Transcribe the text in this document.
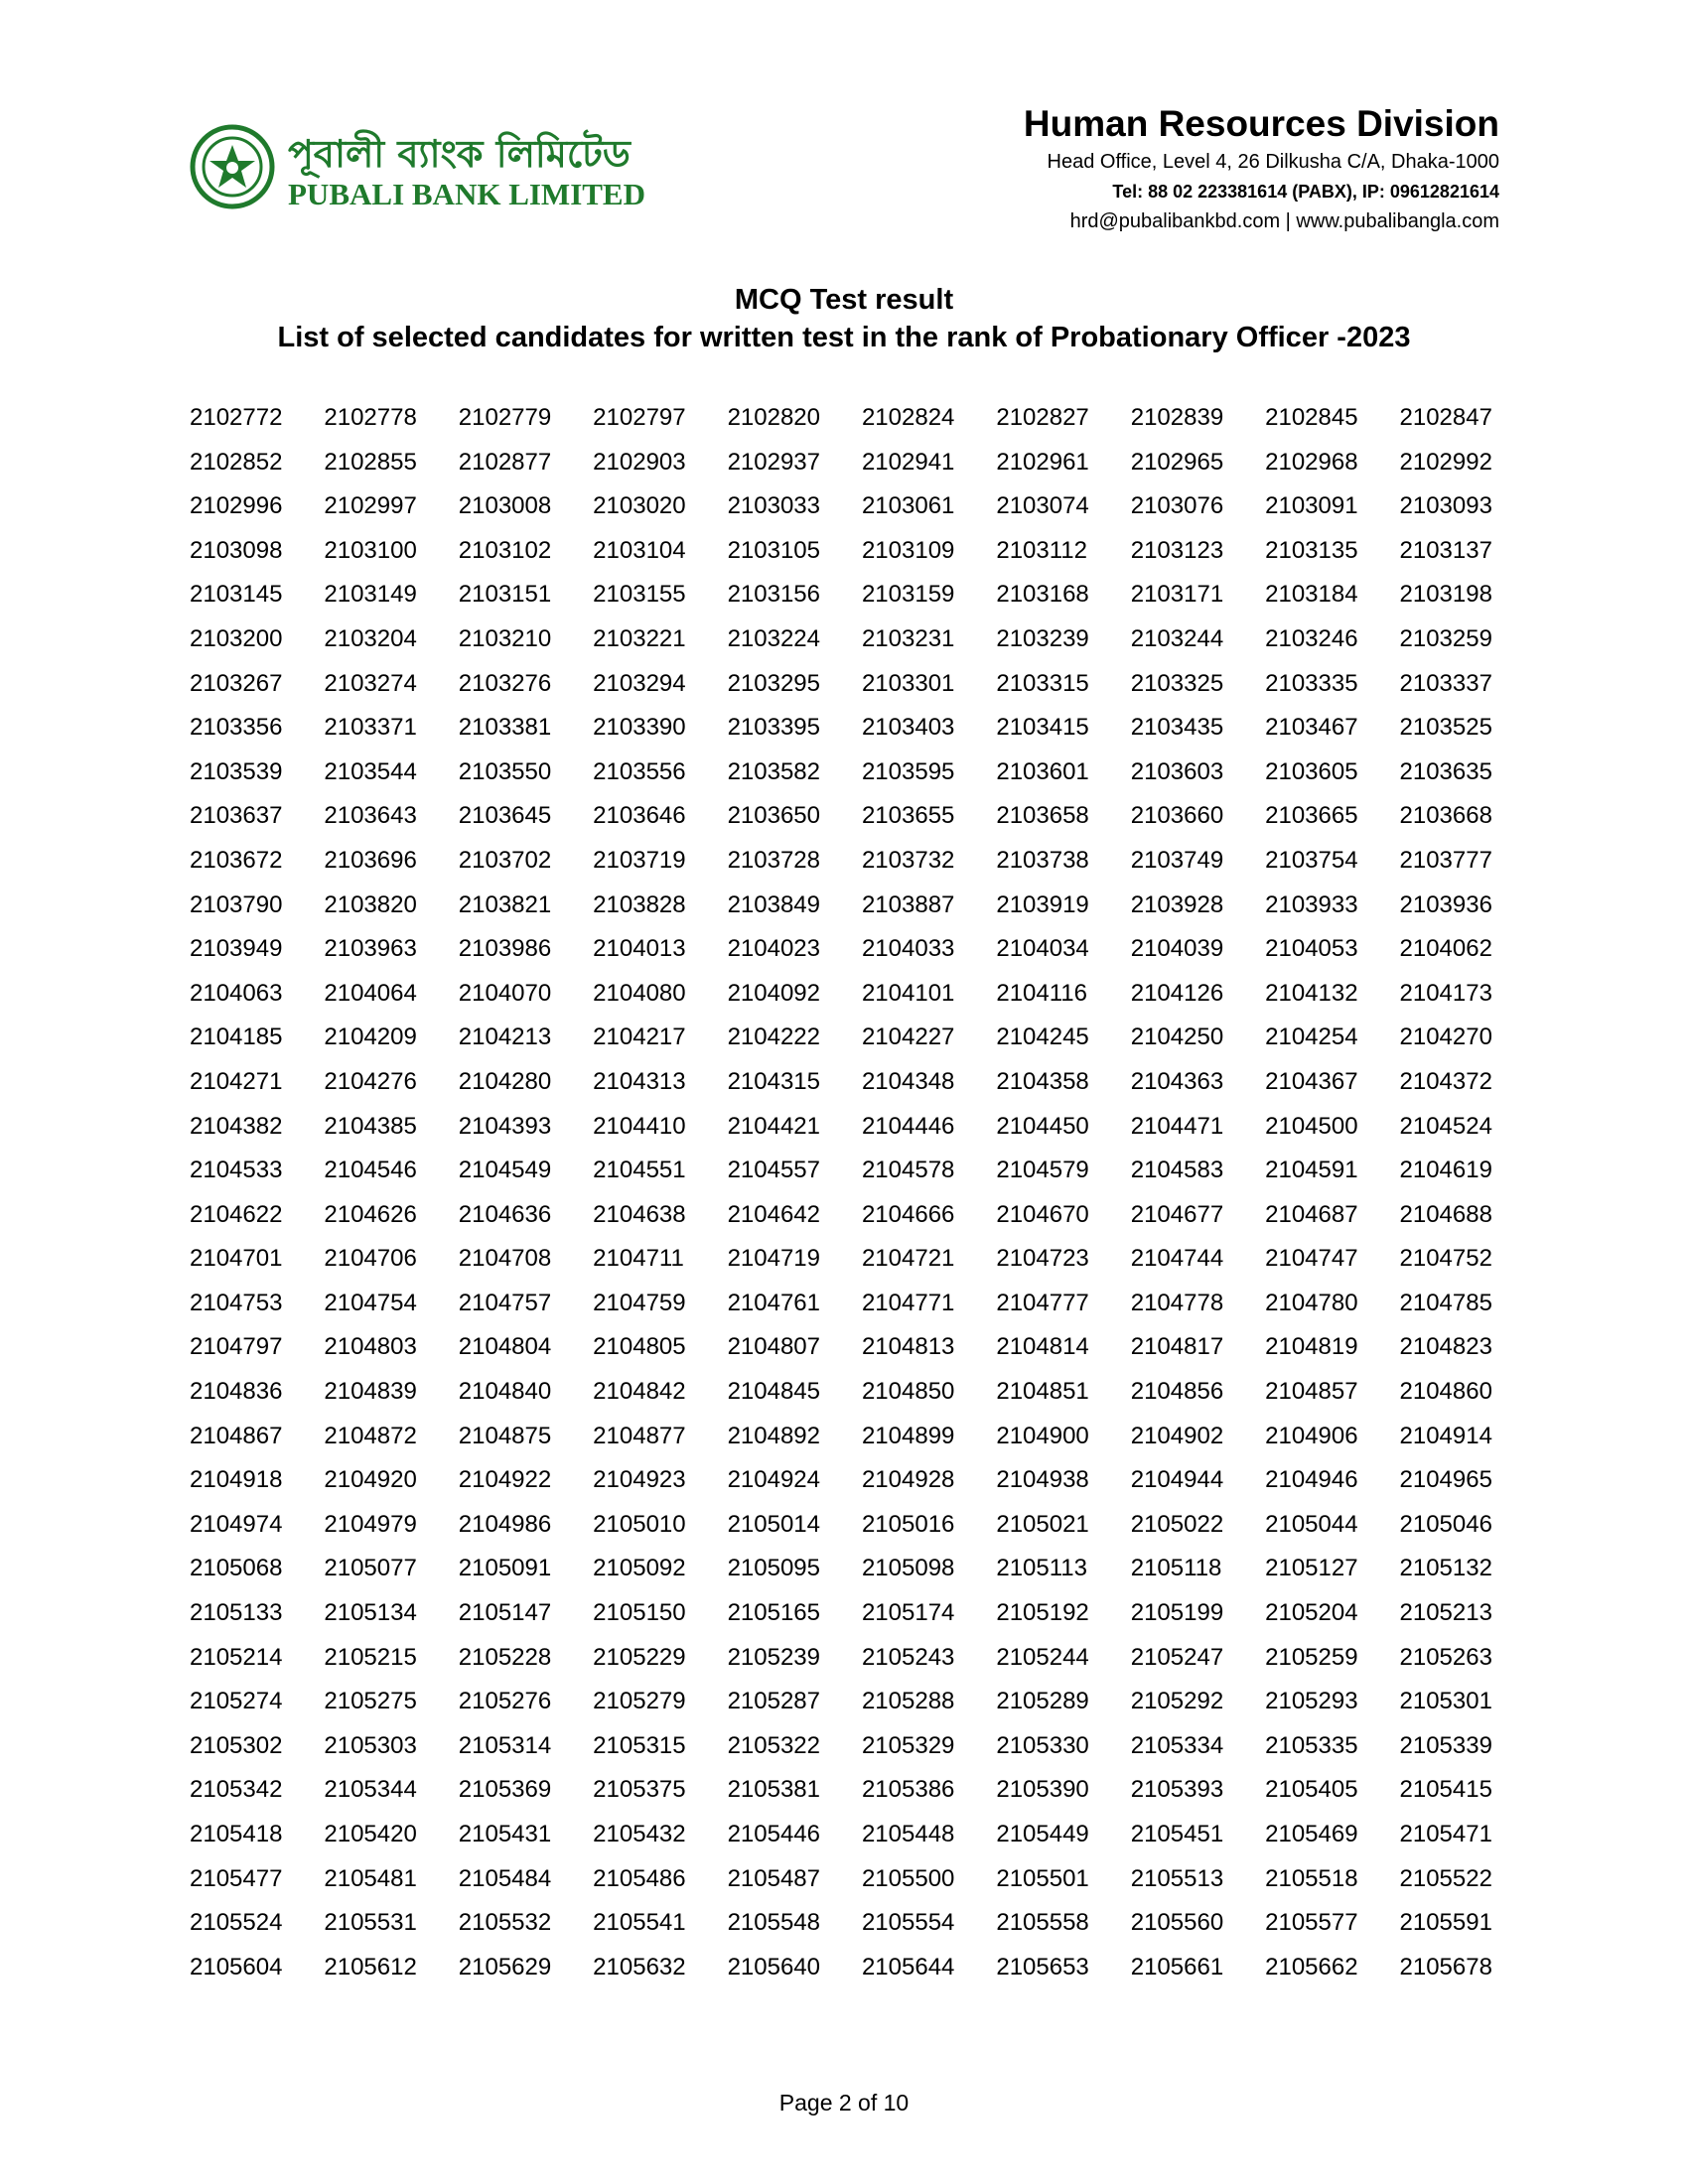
পূবালী ব্যাংক লিমিটেড
PUBALI BANK LIMITED
Human Resources Division
Head Office, Level 4, 26 Dilkusha C/A, Dhaka-1000
Tel: 88 02 223381614 (PABX), IP: 09612821614
hrd@pubalibankbd.com | www.pubalibangla.com
MCQ Test result
List of selected candidates for written test in the rank of Probationary Officer -2023
2102772	2102778	2102779	2102797	2102820	2102824	2102827	2102839	2102845	2102847
2102852	2102855	2102877	2102903	2102937	2102941	2102961	2102965	2102968	2102992
2102996	2102997	2103008	2103020	2103033	2103061	2103074	2103076	2103091	2103093
2103098	2103100	2103102	2103104	2103105	2103109	2103112	2103123	2103135	2103137
2103145	2103149	2103151	2103155	2103156	2103159	2103168	2103171	2103184	2103198
2103200	2103204	2103210	2103221	2103224	2103231	2103239	2103244	2103246	2103259
2103267	2103274	2103276	2103294	2103295	2103301	2103315	2103325	2103335	2103337
2103356	2103371	2103381	2103390	2103395	2103403	2103415	2103435	2103467	2103525
2103539	2103544	2103550	2103556	2103582	2103595	2103601	2103603	2103605	2103635
2103637	2103643	2103645	2103646	2103650	2103655	2103658	2103660	2103665	2103668
2103672	2103696	2103702	2103719	2103728	2103732	2103738	2103749	2103754	2103777
2103790	2103820	2103821	2103828	2103849	2103887	2103919	2103928	2103933	2103936
2103949	2103963	2103986	2104013	2104023	2104033	2104034	2104039	2104053	2104062
2104063	2104064	2104070	2104080	2104092	2104101	2104116	2104126	2104132	2104173
2104185	2104209	2104213	2104217	2104222	2104227	2104245	2104250	2104254	2104270
2104271	2104276	2104280	2104313	2104315	2104348	2104358	2104363	2104367	2104372
2104382	2104385	2104393	2104410	2104421	2104446	2104450	2104471	2104500	2104524
2104533	2104546	2104549	2104551	2104557	2104578	2104579	2104583	2104591	2104619
2104622	2104626	2104636	2104638	2104642	2104666	2104670	2104677	2104687	2104688
2104701	2104706	2104708	2104711	2104719	2104721	2104723	2104744	2104747	2104752
2104753	2104754	2104757	2104759	2104761	2104771	2104777	2104778	2104780	2104785
2104797	2104803	2104804	2104805	2104807	2104813	2104814	2104817	2104819	2104823
2104836	2104839	2104840	2104842	2104845	2104850	2104851	2104856	2104857	2104860
2104867	2104872	2104875	2104877	2104892	2104899	2104900	2104902	2104906	2104914
2104918	2104920	2104922	2104923	2104924	2104928	2104938	2104944	2104946	2104965
2104974	2104979	2104986	2105010	2105014	2105016	2105021	2105022	2105044	2105046
2105068	2105077	2105091	2105092	2105095	2105098	2105113	2105118	2105127	2105132
2105133	2105134	2105147	2105150	2105165	2105174	2105192	2105199	2105204	2105213
2105214	2105215	2105228	2105229	2105239	2105243	2105244	2105247	2105259	2105263
2105274	2105275	2105276	2105279	2105287	2105288	2105289	2105292	2105293	2105301
2105302	2105303	2105314	2105315	2105322	2105329	2105330	2105334	2105335	2105339
2105342	2105344	2105369	2105375	2105381	2105386	2105390	2105393	2105405	2105415
2105418	2105420	2105431	2105432	2105446	2105448	2105449	2105451	2105469	2105471
2105477	2105481	2105484	2105486	2105487	2105500	2105501	2105513	2105518	2105522
2105524	2105531	2105532	2105541	2105548	2105554	2105558	2105560	2105577	2105591
2105604	2105612	2105629	2105632	2105640	2105644	2105653	2105661	2105662	2105678
Page 2 of 10
